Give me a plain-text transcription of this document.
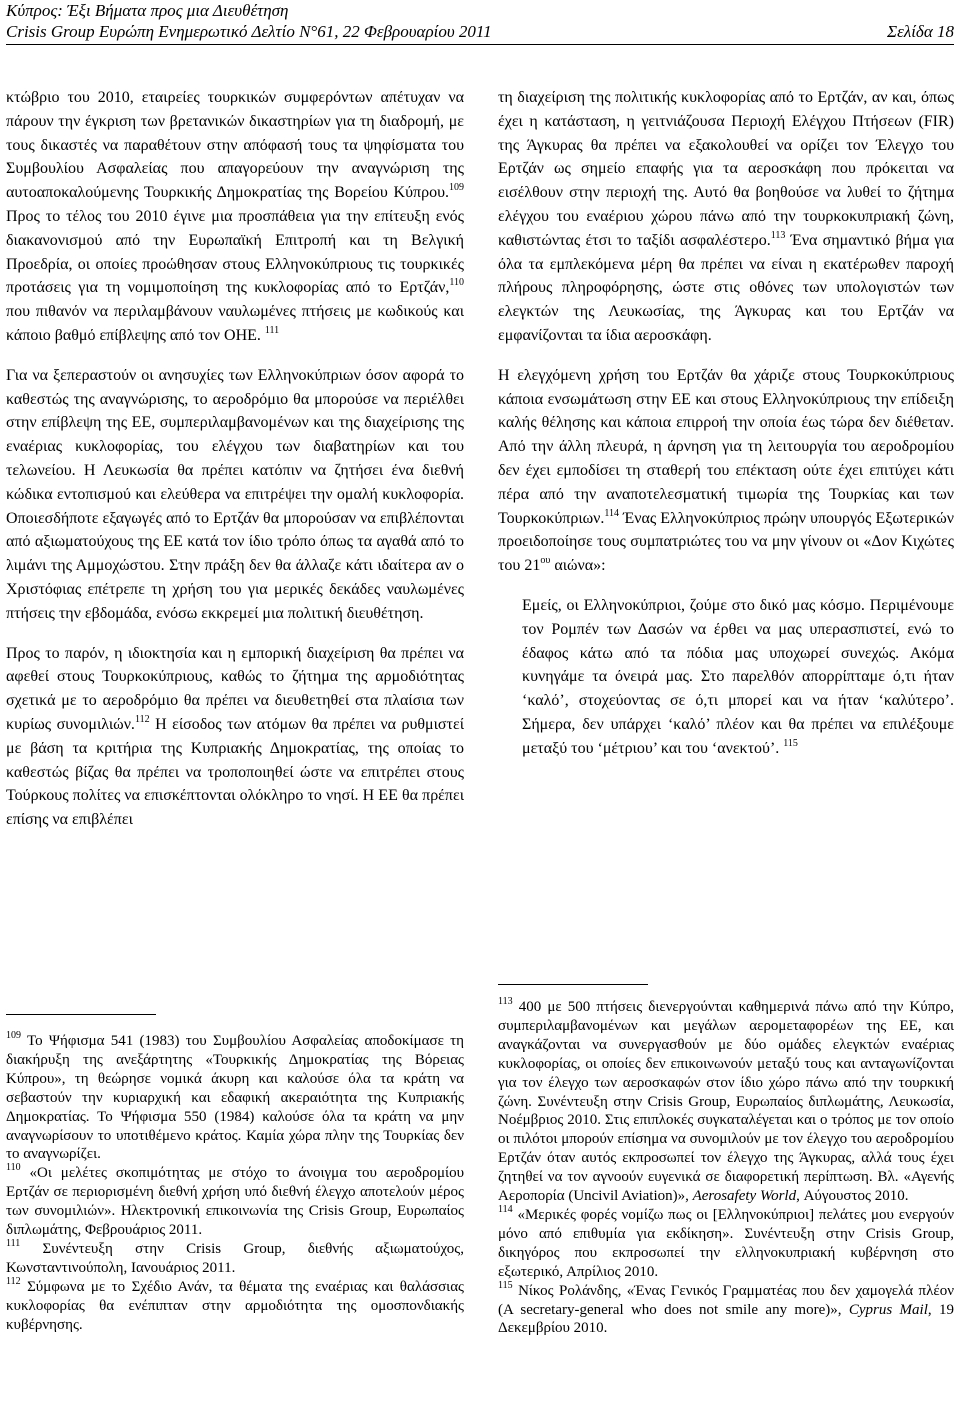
Κύπρος: Έξι Βήματα προς μια Διευθέτηση
Crisis Group Ευρώπη Ενημερωτικό Δελτίο N°61, 22 Φεβρουαρίου 2011	Σελίδα 18

κτώβριο του 2010, εταιρείες τουρκικών συμφερόντων απέτυχαν να πάρουν την έγκριση των βρετανικών δικαστηρίων για τη διαδρομή, με τους δικαστές να παραθέτουν στην απόφασή τους τα ψηφίσματα του Συμβουλίου Ασφαλείας που απαγορεύουν την αναγνώριση της αυτοαποκαλούμενης Τουρκικής Δημοκρατίας της Βορείου Κύπρου.$^{109}$ Προς το τέλος του 2010 έγινε μια προσπάθεια για την επίτευξη ενός διακανονισμού από την Ευρωπαϊκή Επιτροπή και τη Βελγική Προεδρία, οι οποίες προώθησαν στους Ελληνοκύπριους τις τουρκικές προτάσεις για τη νομιμοποίηση της κυκλοφορίας από το Ερτζάν,$^{110}$ που πιθανόν να περιλαμβάνουν ναυλωμένες πτήσεις με κωδικούς και κάποιο βαθμό επίβλεψης από τον ΟΗΕ. $^{111}$

Για να ξεπεραστούν οι ανησυχίες των Ελληνοκύπριων όσον αφορά το καθεστώς της αναγνώρισης, το αεροδρόμιο θα μπορούσε να περιέλθει στην επίβλεψη της ΕΕ, συμπεριλαμβανομένων και της διαχείρισης της εναέριας κυκλοφορίας, του ελέγχου των διαβατηρίων και του τελωνείου. Η Λευκωσία θα πρέπει κατόπιν να ζητήσει ένα διεθνή κώδικα εντοπισμού και ελεύθερα να επιτρέψει την ομαλή κυκλοφορία. Οποιεσδήποτε εξαγωγές από το Ερτζάν θα μπορούσαν να επιβλέπονται από αξιωματούχους της ΕΕ κατά τον ίδιο τρόπο όπως τα αγαθά από το λιμάνι της Αμμοχώστου. Στην πράξη δεν θα άλλαζε κάτι ιδαίτερα αν ο Χριστόφιας επέτρεπε τη χρήση του για μερικές δεκάδες ναυλωμένες πτήσεις την εβδομάδα, ενόσω εκκρεμεί μια πολιτική διευθέτηση.

Προς το παρόν, η ιδιοκτησία και η εμπορική διαχείριση θα πρέπει να αφεθεί στους Τουρκοκύπριους, καθώς το ζήτημα της αρμοδιότητας σχετικά με το αεροδρόμιο θα πρέπει να διευθετηθεί στα πλαίσια των κυρίως συνομιλιών.$^{112}$ Η είσοδος των ατόμων θα πρέπει να ρυθμιστεί με βάση τα κριτήρια της Κυπριακής Δημοκρατίας, της οποίας το καθεστώς βίζας θα πρέπει να τροποποιηθεί ώστε να επιτρέπει στους Τούρκους πολίτες να επισκέπτονται ολόκληρο το νησί. Η ΕΕ θα πρέπει επίσης να επιβλέπει

τη διαχείριση της πολιτικής κυκλοφορίας από το Ερτζάν, αν και, όπως έχει η κατάσταση, η γειτνιάζουσα Περιοχή Ελέγχου Πτήσεων (FIR) της Άγκυρας θα πρέπει να εξακολουθεί να ορίζει τον Έλεγχο του Ερτζάν ως σημείο επαφής για τα αεροσκάφη που πρόκειται να εισέλθουν στην περιοχή της. Αυτό θα βοηθούσε να λυθεί το ζήτημα ελέγχου του εναέριου χώρου πάνω από την τουρκοκυπριακή ζώνη, καθιστώντας έτσι το ταξίδι ασφαλέστερο.$^{113}$ Ένα σημαντικό βήμα για όλα τα εμπλεκόμενα μέρη θα πρέπει να είναι η εκατέρωθεν παροχή πλήρους πληροφόρησης, ώστε στις οθόνες των υπολογιστών των ελεγκτών της Λευκωσίας, της Άγκυρας και του Ερτζάν να εμφανίζονται τα ίδια αεροσκάφη.

Η ελεγχόμενη χρήση του Ερτζάν θα χάριζε στους Τουρκοκύπριους κάποια ενσωμάτωση στην ΕΕ και στους Ελληνοκύπριους την επίδειξη καλής θέλησης και κάποια επιρροή την οποία έως τώρα δεν διέθεταν. Από την άλλη πλευρά, η άρνηση για τη λειτουργία του αεροδρομίου δεν έχει εμποδίσει τη σταθερή του επέκταση ούτε έχει επιτύχει κάτι πέρα από την αναποτελεσματική τιμωρία της Τουρκίας και των Τουρκοκύπριων.$^{114}$ Ένας Ελληνοκύπριος πρώην υπουργός Εξωτερικών προειδοποίησε τους συμπατριώτες του να μην γίνουν οι «Δον Κιχώτες του $21^{o\upsilon}$ αιώνα»:

Εμείς, οι Ελληνοκύπριοι, ζούμε στο δικό μας κόσμο. Περιμένουμε τον Ρομπέν των Δασών να έρθει να μας υπερασπιστεί, ενώ το έδαφος κάτω από τα πόδια μας υποχωρεί συνεχώς. Ακόμα κυνηγάμε τα όνειρά μας. Στο παρελθόν απορρίπταμε ό,τι ήταν ‘καλό’, στοχεύοντας σε ό,τι μπορεί και να ήταν ‘καλύτερο’. Σήμερα, δεν υπάρχει ‘καλό’ πλέον και θα πρέπει να επιλέξουμε μεταξύ του ‘μέτριου’ και του ‘ανεκτού’. $^{115}$

$^{109}$ Το Ψήφισμα 541 (1983) του Συμβουλίου Ασφαλείας αποδοκίμασε τη διακήρυξη της ανεξάρτητης «Τουρκικής Δημοκρατίας της Βόρειας Κύπρου», τη θεώρησε νομικά άκυρη και καλούσε όλα τα κράτη να σεβαστούν την κυριαρχική και εδαφική ακεραιότητα της Κυπριακής Δημοκρατίας. Το Ψήφισμα 550 (1984) καλούσε όλα τα κράτη να μην αναγνωρίσουν το υποτιθέμενο κράτος. Καμία χώρα πλην της Τουρκίας δεν το αναγνωρίζει.

$^{110}$ «Οι μελέτες σκοπιμότητας με στόχο το άνοιγμα του αεροδρομίου Ερτζάν σε περιορισμένη διεθνή χρήση υπό διεθνή έλεγχο αποτελούν μέρος των συνομιλιών». Ηλεκτρονική επικοινωνία της Crisis Group, Ευρωπαίος διπλωμάτης, Φεβρουάριος 2011.

$^{111}$ Συνέντευξη στην Crisis Group, διεθνής αξιωματούχος, Κωνσταντινούπολη, Ιανουάριος 2011.

$^{112}$ Σύμφωνα με το Σχέδιο Ανάν, τα θέματα της εναέριας και θαλάσσιας κυκλοφορίας θα ενέπιπταν στην αρμοδιότητα της ομοσπονδιακής κυβέρνησης.

$^{113}$ 400 με 500 πτήσεις διενεργούνται καθημερινά πάνω από την Κύπρο, συμπεριλαμβανομένων και μεγάλων αερομεταφορέων της ΕΕ, και αναγκάζονται να συνεργασθούν με δύο ομάδες ελεγκτών εναέριας κυκλοφορίας, οι οποίες δεν επικοινωνούν μεταξύ τους και ανταγωνίζονται για τον έλεγχο των αεροσκαφών στον ίδιο χώρο πάνω από την τουρκική ζώνη. Συνέντευξη στην Crisis Group, Ευρωπαίος διπλωμάτης, Λευκωσία, Νοέμβριος 2010. Στις επιπλοκές συγκαταλέγεται και ο τρόπος με τον οποίο οι πιλότοι μπορούν επίσημα να συνομιλούν με τον έλεγχο του αεροδρομίου Ερτζάν όταν αυτός εκπροσωπεί τον έλεγχο της Άγκυρας, αλλά τους έχει ζητηθεί να τον αγνοούν ευγενικά σε διαφορετική περίπτωση. Βλ. «Αγενής Αεροπορία (Uncivil Aviation)», Aerosafety World, Αύγουστος 2010.

$^{114}$ «Μερικές φορές νομίζω πως οι [Ελληνοκύπριοι] πελάτες μου ενεργούν μόνο από επιθυμία για εκδίκηση». Συνέντευξη στην Crisis Group, δικηγόρος που εκπροσωπεί την ελληνοκυπριακή κυβέρνηση στο εξωτερικό, Απρίλιος 2010.

$^{115}$ Νίκος Ρολάνδης, «Ένας Γενικός Γραμματέας που δεν χαμογελά πλέον (A secretary-general who does not smile any more)», Cyprus Mail, 19 Δεκεμβρίου 2010.
